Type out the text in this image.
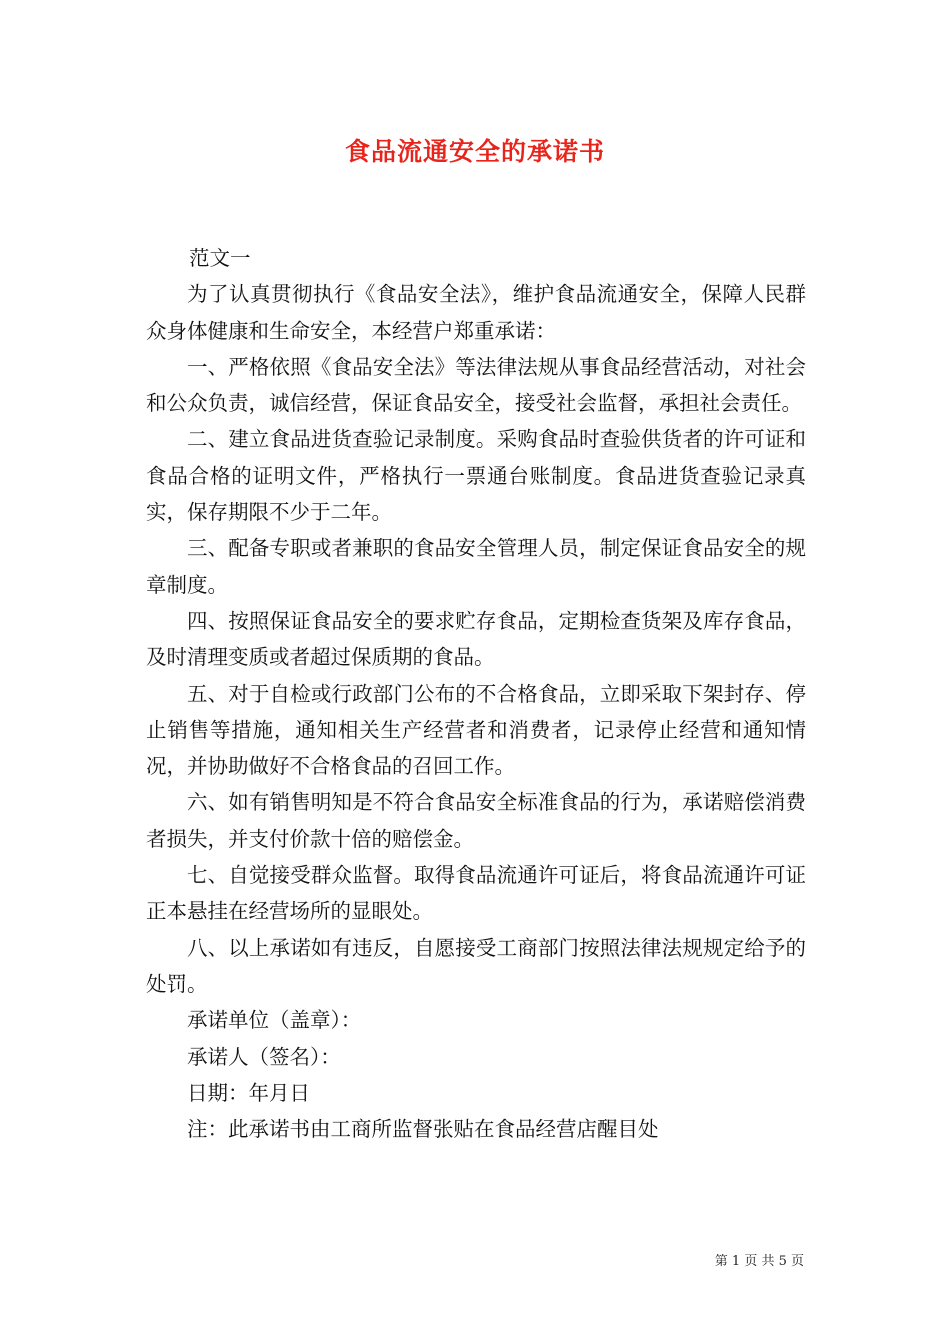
食品流通安全的承诺书

范文一

为了认真贯彻执行《食品安全法》，维护食品流通安全，保障人民群众身体健康和生命安全，本经营户郑重承诺：

一、严格依照《食品安全法》等法律法规从事食品经营活动，对社会和公众负责，诚信经营，保证食品安全，接受社会监督，承担社会责任。

二、建立食品进货查验记录制度。采购食品时查验供货者的许可证和食品合格的证明文件，严格执行一票通台账制度。食品进货查验记录真实，保存期限不少于二年。

三、配备专职或者兼职的食品安全管理人员，制定保证食品安全的规章制度。

四、按照保证食品安全的要求贮存食品，定期检查货架及库存食品，及时清理变质或者超过保质期的食品。

五、对于自检或行政部门公布的不合格食品，立即采取下架封存、停止销售等措施，通知相关生产经营者和消费者，记录停止经营和通知情况，并协助做好不合格食品的召回工作。

六、如有销售明知是不符合食品安全标准食品的行为，承诺赔偿消费者损失，并支付价款十倍的赔偿金。

七、自觉接受群众监督。取得食品流通许可证后，将食品流通许可证正本悬挂在经营场所的显眼处。

八、以上承诺如有违反，自愿接受工商部门按照法律法规规定给予的处罚。

承诺单位（盖章）：

承诺人（签名）：

日期：年月日

注：此承诺书由工商所监督张贴在食品经营店醒目处

第 1 页 共 5 页
